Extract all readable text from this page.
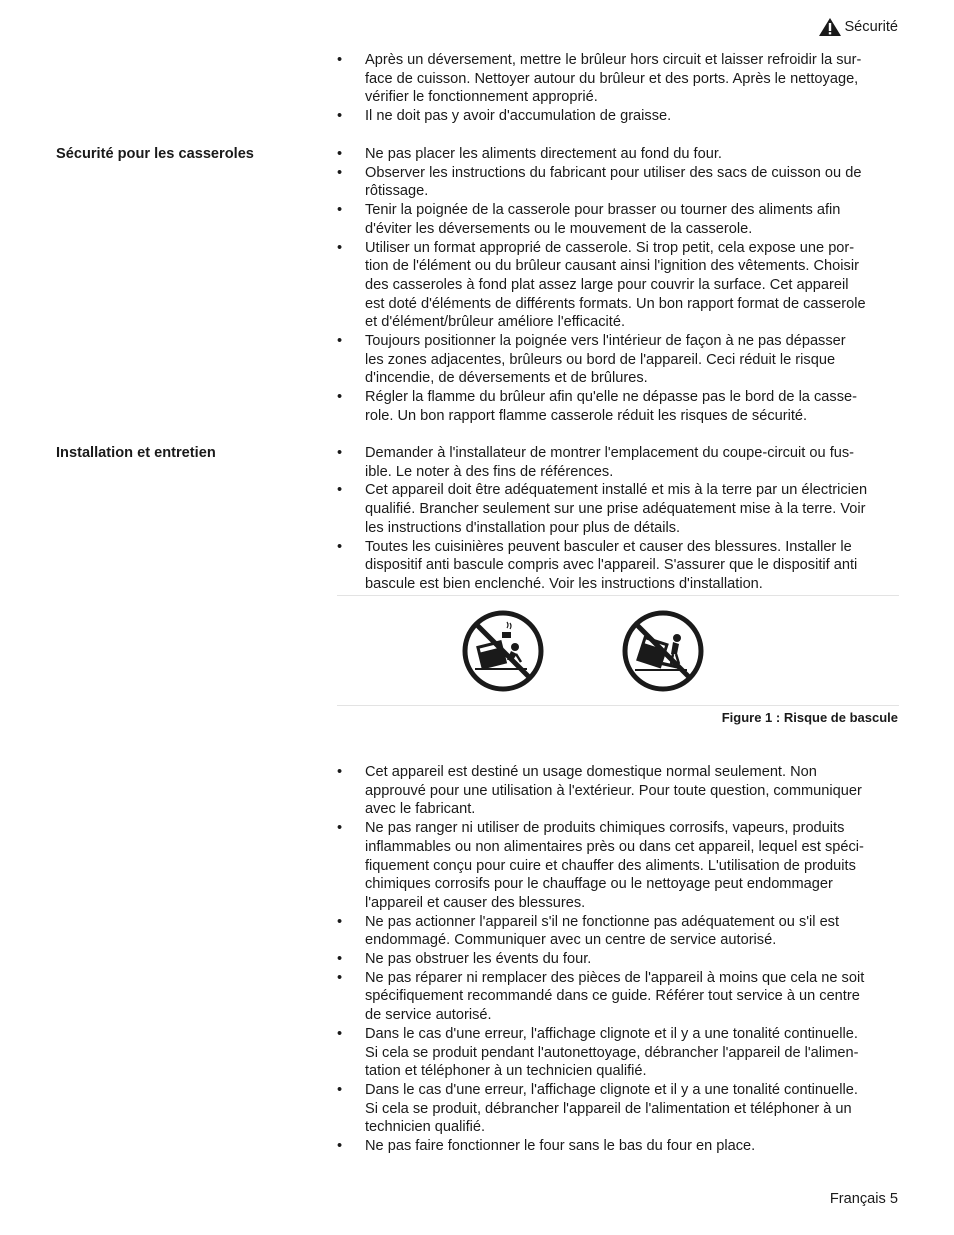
Sécurité
• Après un déversement, mettre le brûleur hors circuit et laisser refroidir la sur-
face de cuisson. Nettoyer autour du brûleur et des ports. Après le nettoyage,
vérifier le fonctionnement approprié.
• Il ne doit pas y avoir d'accumulation de graisse.
Sécurité pour les casseroles	• Ne pas placer les aliments directement au fond du four.
• Observer les instructions du fabricant pour utiliser des sacs de cuisson ou de
rôtissage.
• Tenir la poignée de la casserole pour brasser ou tourner des aliments afin
d'éviter les déversements ou le mouvement de la casserole.
• Utiliser un format approprié de casserole. Si trop petit, cela expose une por-
tion de l'élément ou du brûleur causant ainsi l'ignition des vêtements. Choisir
des casseroles à fond plat assez large pour couvrir la surface. Cet appareil
est doté d'éléments de différents formats. Un bon rapport format de casserole
et d'élément/brûleur améliore l'efficacité.
• Toujours positionner la poignée vers l'intérieur de façon à ne pas dépasser
les zones adjacentes, brûleurs ou bord de l'appareil. Ceci réduit le risque
d'incendie, de déversements et de brûlures.
• Régler la flamme du brûleur afin qu'elle ne dépasse pas le bord de la casse-
role. Un bon rapport flamme casserole réduit les risques de sécurité.
Installation et entretien	• Demander à l'installateur de montrer l'emplacement du coupe-circuit ou fus-
ible. Le noter à des fins de références.
• Cet appareil doit être adéquatement installé et mis à la terre par un électricien
qualifié. Brancher seulement sur une prise adéquatement mise à la terre. Voir
les instructions d'installation pour plus de détails.
• Toutes les cuisinières peuvent basculer et causer des blessures. Installer le
dispositif anti bascule compris avec l'appareil. S'assurer que le dispositif anti
bascule est bien enclenché. Voir les instructions d'installation.
Figure 1 : Risque de bascule
• Cet appareil est destiné un usage domestique normal seulement. Non
approuvé pour une utilisation à l'extérieur. Pour toute question, communiquer
avec le fabricant.
• Ne pas ranger ni utiliser de produits chimiques corrosifs, vapeurs, produits
inflammables ou non alimentaires près ou dans cet appareil, lequel est spéci-
fiquement conçu pour cuire et chauffer des aliments. L'utilisation de produits
chimiques corrosifs pour le chauffage ou le nettoyage peut endommager
l'appareil et causer des blessures.
• Ne pas actionner l'appareil s'il ne fonctionne pas adéquatement ou s'il est
endommagé. Communiquer avec un centre de service autorisé.
• Ne pas obstruer les évents du four.
• Ne pas réparer ni remplacer des pièces de l'appareil à moins que cela ne soit
spécifiquement recommandé dans ce guide. Référer tout service à un centre
de service autorisé.
• Dans le cas d'une erreur, l'affichage clignote et il y a une tonalité continuelle.
Si cela se produit pendant l'autonettoyage, débrancher l'appareil de l'alimen-
tation et téléphoner à un technicien qualifié.
• Dans le cas d'une erreur, l'affichage clignote et il y a une tonalité continuelle.
Si cela se produit, débrancher l'appareil de l'alimentation et téléphoner à un
technicien qualifié.
• Ne pas faire fonctionner le four sans le bas du four en place.
Français 5
